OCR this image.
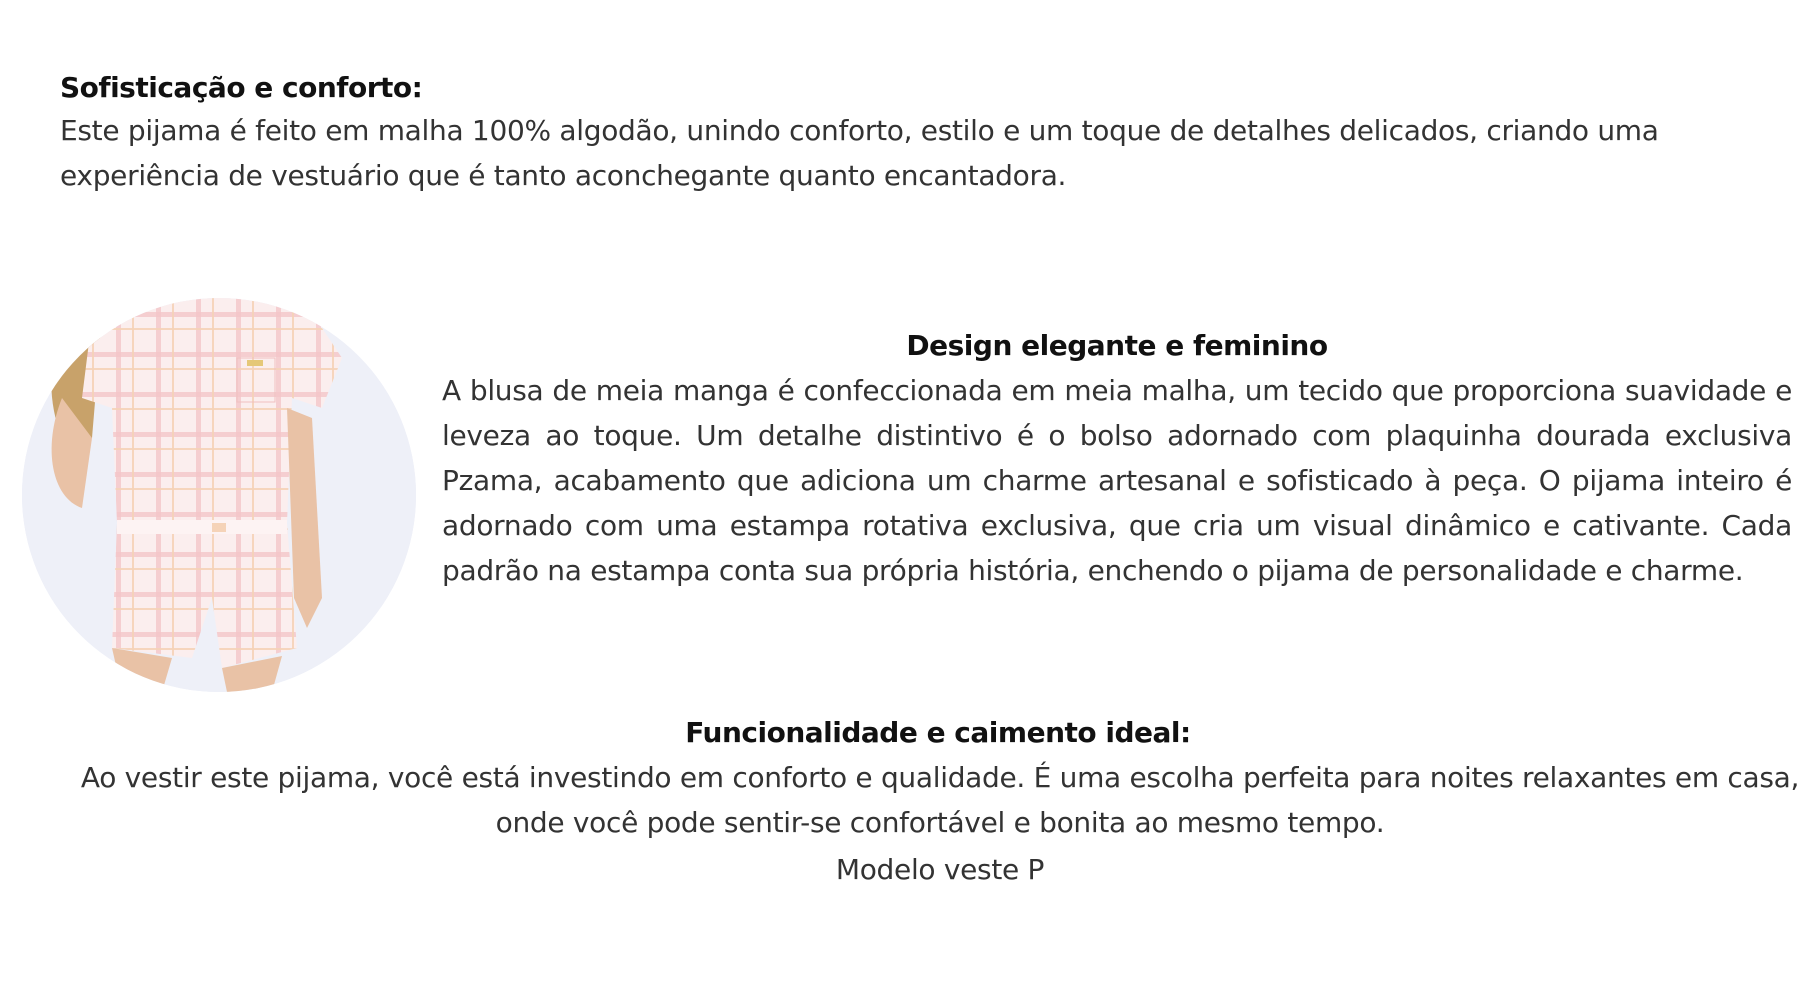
Sofisticação e conforto:
Este pijama é feito em malha 100% algodão, unindo conforto, estilo e um toque de detalhes delicados, criando uma experiência de vestuário que é tanto aconchegante quanto encantadora.
Design elegante e feminino
A blusa de meia manga é confeccionada em meia malha, um tecido que proporciona suavidade e leveza ao toque. Um detalhe distintivo é o bolso adornado com plaquinha dourada exclusiva Pzama, acabamento que adiciona um charme artesanal e sofisticado à peça. O pijama inteiro é adornado com uma estampa rotativa exclusiva, que cria um visual dinâmico e cativante. Cada padrão na estampa conta sua própria história, enchendo o pijama de personalidade e charme.
Funcionalidade e caimento ideal:
Ao vestir este pijama, você está investindo em conforto e qualidade. É uma escolha perfeita para noites relaxantes em casa, onde você pode sentir-se confortável e bonita ao mesmo tempo.
Modelo veste P
